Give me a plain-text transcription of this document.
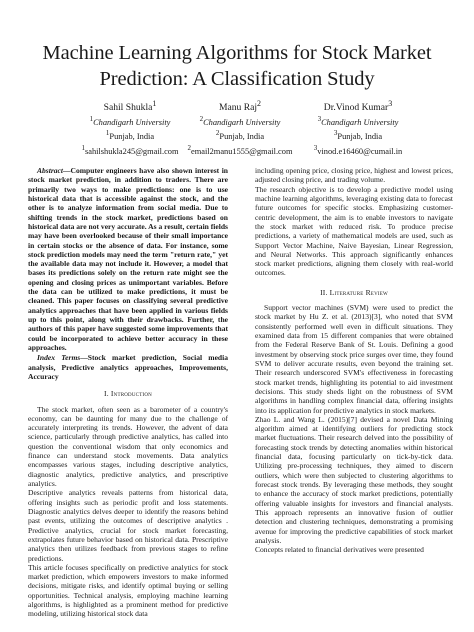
Machine Learning Algorithms for Stock Market Prediction: A Classification Study
Sahil Shukla$^1$
$^1$Chandigarh University
$^1$Punjab, India
$^1$sahilshukla245@gmail.com
Manu Raj$^2$
$^2$Chandigarh University
$^2$Punjab, India
$^2$email2manu1555@gmail.com
Dr.Vinod Kumar$^3$
$^3$Chandigarh University
$^3$Punjab, India
$^3$vinod.e16460@cumail.in

Abstract—Computer engineers have also shown interest in stock market prediction, in addition to traders. There are primarily two ways to make predictions: one is to use historical data that is accessible against the stock, and the other is to analyze information from social media. Due to shifting trends in the stock market, predictions based on historical data are not very accurate. As a result, certain fields may have been overlooked because of their small importance in certain stocks or the absence of data. For instance, some stock prediction models may need the term "return rate," yet the available data may not include it. However, a model that bases its predictions solely on the return rate might see the opening and closing prices as unimportant variables. Before the data can be utilized to make predictions, it must be cleaned. This paper focuses on classifying several predictive analytics approaches that have been applied in various fields up to this point, along with their drawbacks. Further, the authors of this paper have suggested some improvements that could be incorporated to achieve better accuracy in these approaches.

Index Terms—Stock market prediction, Social media analysis, Predictive analytics approaches, Improvements, Accuracy

I. Introduction

The stock market, often seen as a barometer of a country's economy, can be daunting for many due to the challenge of accurately interpreting its trends. However, the advent of data science, particularly through predictive analytics, has called into question the conventional wisdom that only economics and finance can understand stock movements. Data analytics encompasses various stages, including descriptive analytics, diagnostic analytics, predictive analytics, and prescriptive analytics.

Descriptive analytics reveals patterns from historical data, offering insights such as periodic profit and loss statements. Diagnostic analytics delves deeper to identify the reasons behind past events, utilizing the outcomes of descriptive analytics . Predictive analytics, crucial for stock market forecasting, extrapolates future behavior based on historical data. Prescriptive analytics then utilizes feedback from previous stages to refine predictions.

This article focuses specifically on predictive analytics for stock market prediction, which empowers investors to make informed decisions, mitigate risks, and identify optimal buying or selling opportunities. Technical analysis, employing machine learning algorithms, is highlighted as a prominent method for predictive modeling, utilizing historical stock data

including opening price, closing price, highest and lowest prices, adjusted closing price, and trading volume.

The research objective is to develop a predictive model using machine learning algorithms, leveraging existing data to forecast future outcomes for specific stocks. Emphasizing customer-centric development, the aim is to enable investors to navigate the stock market with reduced risk. To produce precise predictions, a variety of mathematical models are used, such as Support Vector Machine, Naive Bayesian, Linear Regression, and Neural Networks. This approach significantly enhances stock market predictions, aligning them closely with real-world outcomes.

II. Literature Review

Support vector machines (SVM) were used to predict the stock market by Hu Z. et al. (2013)[3], who noted that SVM consistently performed well even in difficult situations. They examined data from 15 different companies that were obtained from the Federal Reserve Bank of St. Louis. Defining a good investment by observing stock price surges over time, they found SVM to deliver accurate results, even beyond the training set. Their research underscored SVM's effectiveness in forecasting stock market trends, highlighting its potential to aid investment decisions. This study sheds light on the robustness of SVM algorithms in handling complex financial data, offering insights into its application for predictive analytics in stock markets.

Zhao L. and Wang L. (2015)[7] devised a novel Data Mining algorithm aimed at identifying outliers for predicting stock market fluctuations. Their research delved into the possibility of forecasting stock trends by detecting anomalies within historical financial data, focusing particularly on tick-by-tick data. Utilizing pre-processing techniques, they aimed to discern outliers, which were then subjected to clustering algorithms to forecast stock trends. By leveraging these methods, they sought to enhance the accuracy of stock market predictions, potentially offering valuable insights for investors and financial analysts. This approach represents an innovative fusion of outlier detection and clustering techniques, demonstrating a promising avenue for improving the predictive capabilities of stock market analysis.

Concepts related to financial derivatives were presented
